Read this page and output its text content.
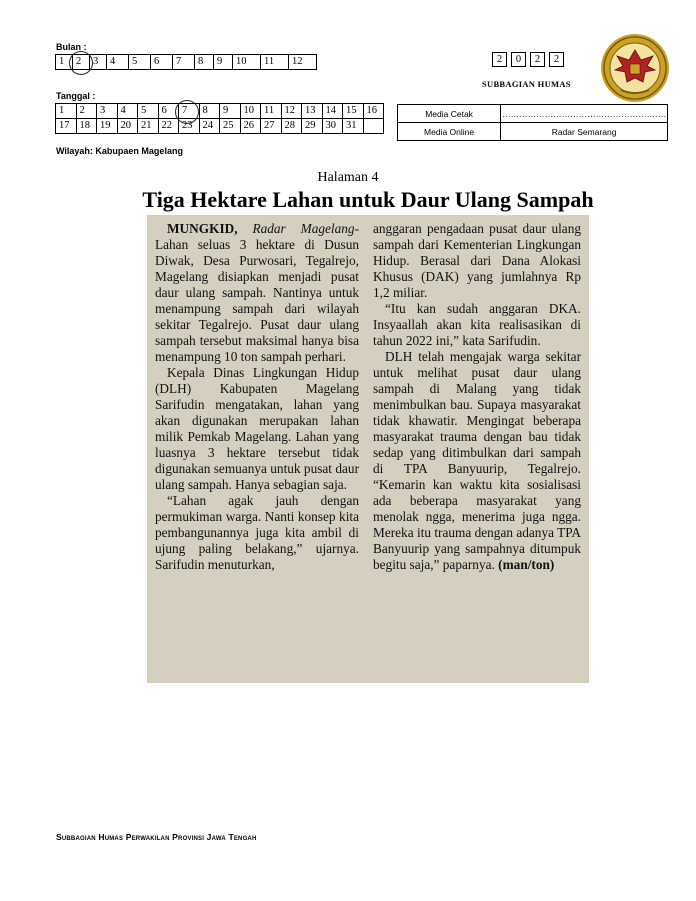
Bulan :
1	2	3	4	5	6	7	8	9	10	11	12
Tanggal :
1	2	3	4	5	6	7	8	9	10	11	12	13	14	15	16
17	18	19	20	21	22	23	24	25	26	27	28	29	30	31	
Wilayah: Kabupaen Magelang
2	0	2	2
SUBBAGIAN HUMAS
Media Cetak	………………………………………………….
Media Online	Radar Semarang
Halaman 4
Tiga Hektare Lahan untuk Daur Ulang Sampah

MUNGKID, Radar Magelang- Lahan seluas 3 hektare di Dusun Diwak, Desa Purwosari, Tegalrejo, Magelang disiapkan menjadi pusat daur ulang sampah. Nantinya untuk menampung sampah dari wilayah sekitar Tegalrejo. Pusat daur ulang sampah tersebut maksimal hanya bisa menampung 10 ton sampah perhari.

Kepala Dinas Lingkungan Hidup (DLH) Kabupaten Magelang Sarifudin mengatakan, lahan yang akan digunakan merupakan lahan milik Pemkab Magelang. Lahan yang luasnya 3 hektare tersebut tidak digunakan semuanya untuk pusat daur ulang sampah. Hanya sebagian saja.

“Lahan agak jauh dengan permukiman warga. Nanti konsep kita pembangunannya juga kita ambil di ujung paling belakang,” ujarnya. Sarifudin menuturkan,

anggaran pengadaan pusat daur ulang sampah dari Kementerian Lingkungan Hidup. Berasal dari Dana Alokasi Khusus (DAK) yang jumlahnya Rp 1,2 miliar.

“Itu kan sudah anggaran DKA. Insyaallah akan kita realisasikan di tahun 2022 ini,” kata Sarifudin.

DLH telah mengajak warga sekitar untuk melihat pusat daur ulang sampah di Malang yang tidak menimbulkan bau. Supaya masyarakat tidak khawatir. Mengingat beberapa masyarakat trauma dengan bau tidak sedap yang ditimbulkan dari sampah di TPA Banyuurip, Tegalrejo. “Kemarin kan waktu kita sosialisasi ada beberapa masyarakat yang menolak ngga, menerima juga ngga. Mereka itu trauma dengan adanya TPA Banyuurip yang sampahnya ditumpuk begitu saja,” paparnya. (man/ton)

Subbagian Humas Perwakilan Provinsi Jawa Tengah
